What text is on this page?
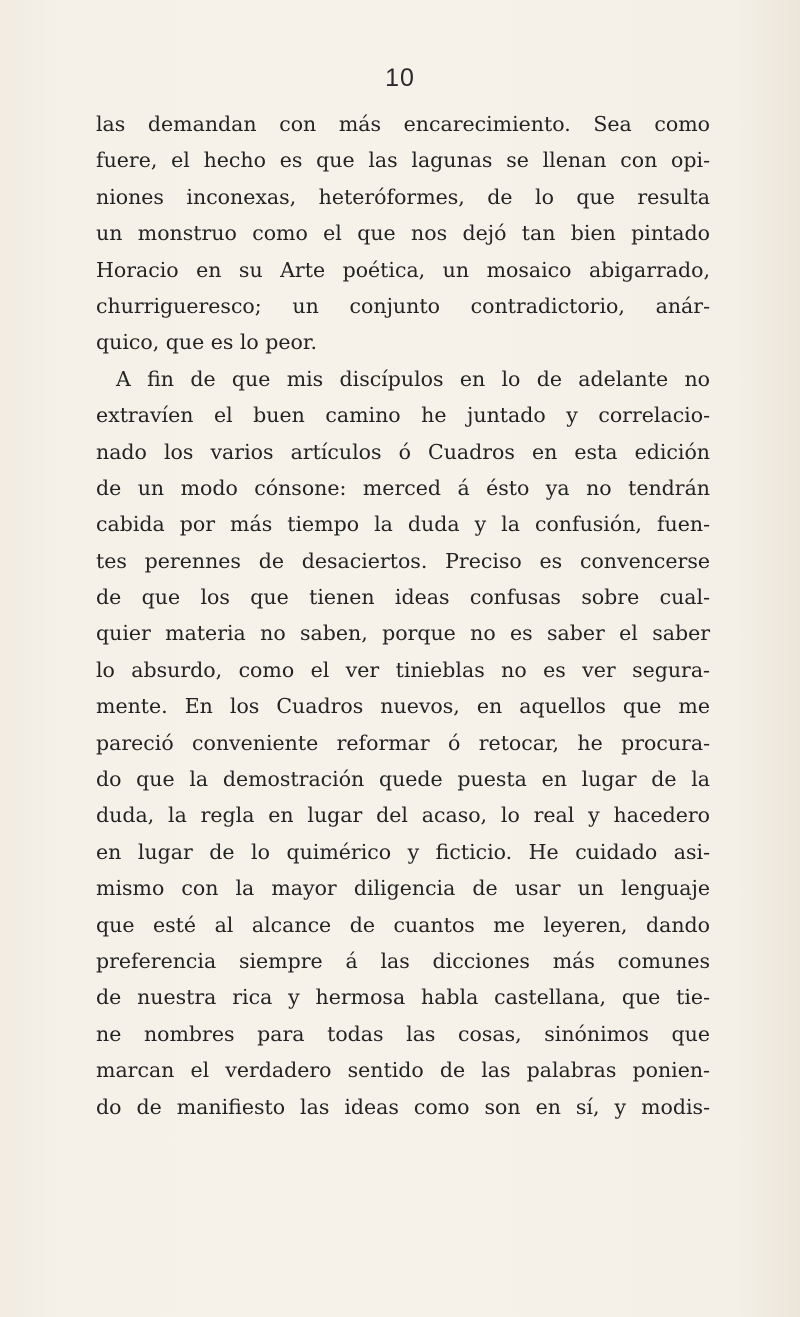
10
las demandan con más encarecimiento. Sea como
fuere, el hecho es que las lagunas se llenan con opi-
niones inconexas, heteróformes, de lo que resulta
un monstruo como el que nos dejó tan bien pintado
Horacio en su Arte poética, un mosaico abigarrado,
churrigueresco; un conjunto contradictorio, anár-
quico, que es lo peor.
A fin de que mis discípulos en lo de adelante no
extravíen el buen camino he juntado y correlacio-
nado los varios artículos ó Cuadros en esta edición
de un modo cónsone: merced á ésto ya no tendrán
cabida por más tiempo la duda y la confusión, fuen-
tes perennes de desaciertos. Preciso es convencerse
de que los que tienen ideas confusas sobre cual-
quier materia no saben, porque no es saber el saber
lo absurdo, como el ver tinieblas no es ver segura-
mente. En los Cuadros nuevos, en aquellos que me
pareció conveniente reformar ó retocar, he procura-
do que la demostración quede puesta en lugar de la
duda, la regla en lugar del acaso, lo real y hacedero
en lugar de lo quimérico y ficticio. He cuidado asi-
mismo con la mayor diligencia de usar un lenguaje
que esté al alcance de cuantos me leyeren, dando
preferencia siempre á las dicciones más comunes
de nuestra rica y hermosa habla castellana, que tie-
ne nombres para todas las cosas, sinónimos que
marcan el verdadero sentido de las palabras ponien-
do de manifiesto las ideas como son en sí, y modis-
